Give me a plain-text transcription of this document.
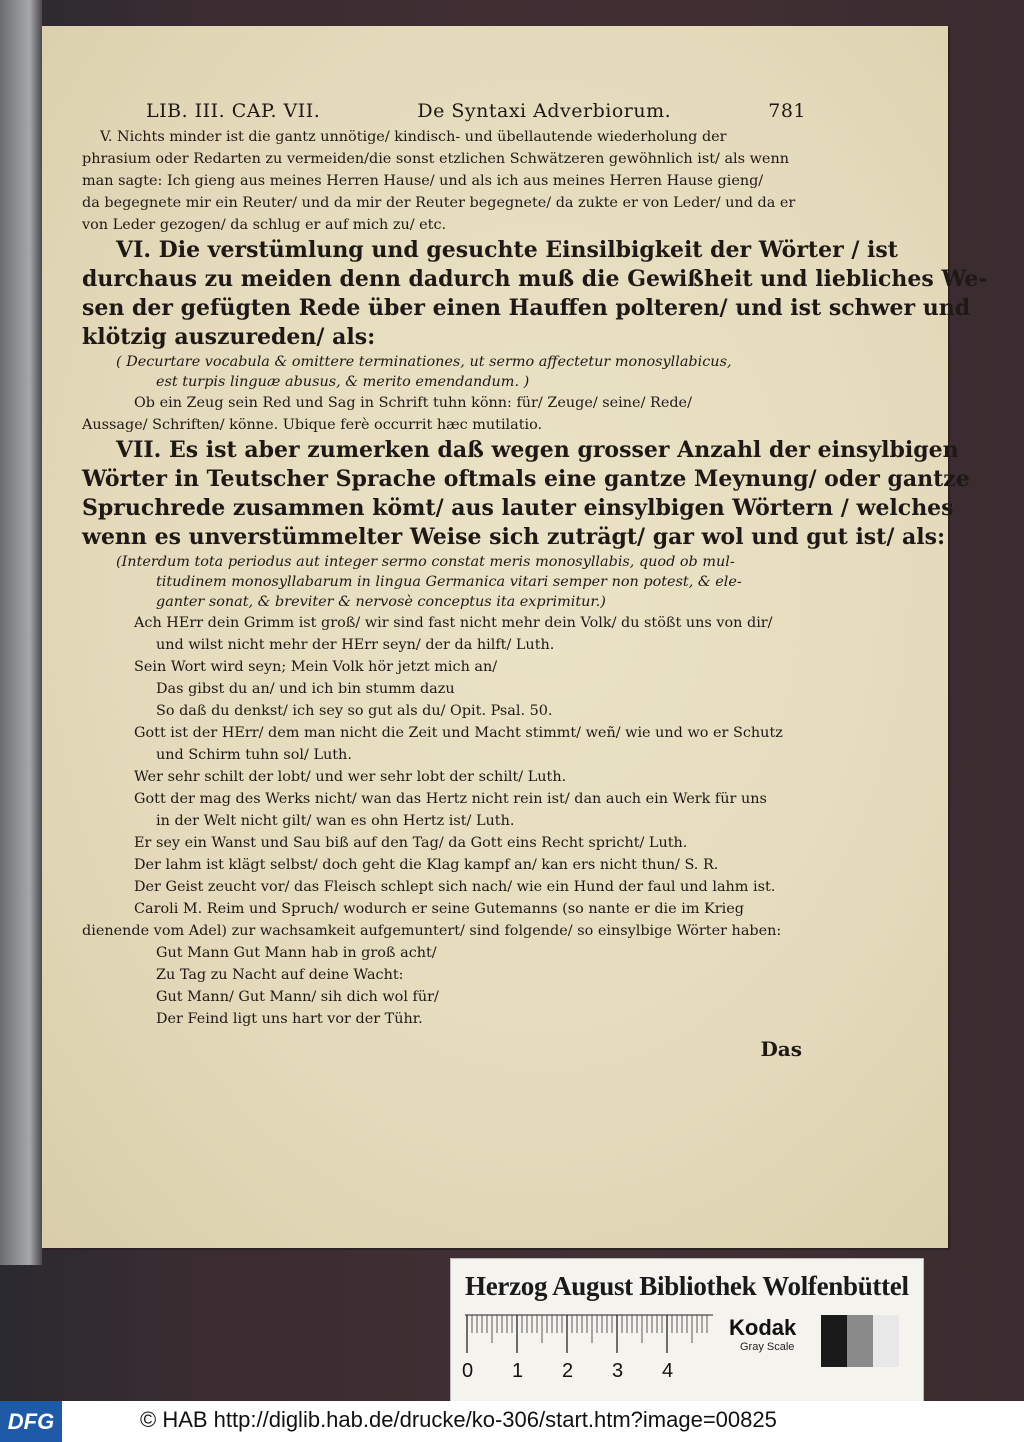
LIB. III. CAP. VII.	De Syntaxi Adverbiorum.	781
V. Nichts minder ist die gantz unnötige/ kindisch- und übellautende wiederholung der
phrasium oder Redarten zu vermeiden/die sonst etzlichen Schwätzeren gewöhnlich ist/ als wenn
man sagte: Ich gieng aus meines Herren Hause/ und als ich aus meines Herren Hause gieng/
da begegnete mir ein Reuter/ und da mir der Reuter begegnete/ da zukte er von Leder/ und da er
von Leder gezogen/ da schlug er auf mich zu/ etc.
VI. Die verstümlung und gesuchte Einsilbigkeit der Wörter / ist
durchaus zu meiden denn dadurch muß die Gewißheit und liebliches We-
sen der gefügten Rede über einen Hauffen polteren/ und ist schwer und
klötzig auszureden/ als:
( Decurtare vocabula & omittere terminationes, ut sermo affectetur monosyllabicus,
est turpis linguæ abusus, & merito emendandum. )
Ob ein Zeug sein Red und Sag in Schrift tuhn könn: für/ Zeuge/ seine/ Rede/
Aussage/ Schriften/ könne. Ubique ferè occurrit hæc mutilatio.
VII. Es ist aber zumerken daß wegen grosser Anzahl der einsylbigen
Wörter in Teutscher Sprache oftmals eine gantze Meynung/ oder gantze
Spruchrede zusammen kömt/ aus lauter einsylbigen Wörtern / welches
wenn es unverstümmelter Weise sich zuträgt/ gar wol und gut ist/ als:
(Interdum tota periodus aut integer sermo constat meris monosyllabis, quod ob mul-
titudinem monosyllabarum in lingua Germanica vitari semper non potest, & ele-
ganter sonat, & breviter & nervosè conceptus ita exprimitur.)
Ach HErr dein Grimm ist groß/ wir sind fast nicht mehr dein Volk/ du stößt uns von dir/
und wilst nicht mehr der HErr seyn/ der da hilft/ Luth.
Sein Wort wird seyn; Mein Volk hör jetzt mich an/
Das gibst du an/ und ich bin stumm dazu
So daß du denkst/ ich sey so gut als du/ Opit. Psal. 50.
Gott ist der HErr/ dem man nicht die Zeit und Macht stimmt/ weñ/ wie und wo er Schutz
und Schirm tuhn sol/ Luth.
Wer sehr schilt der lobt/ und wer sehr lobt der schilt/ Luth.
Gott der mag des Werks nicht/ wan das Hertz nicht rein ist/ dan auch ein Werk für uns
in der Welt nicht gilt/ wan es ohn Hertz ist/ Luth.
Er sey ein Wanst und Sau biß auf den Tag/ da Gott eins Recht spricht/ Luth.
Der lahm ist klägt selbst/ doch geht die Klag kampf an/ kan ers nicht thun/ S. R.
Der Geist zeucht vor/ das Fleisch schlept sich nach/ wie ein Hund der faul und lahm ist.
Caroli M. Reim und Spruch/ wodurch er seine Gutemanns (so nante er die im Krieg
dienende vom Adel) zur wachsamkeit aufgemuntert/ sind folgende/ so einsylbige Wörter haben:
Gut Mann Gut Mann hab in groß acht/
Zu Tag zu Nacht auf deine Wacht:
Gut Mann/ Gut Mann/ sih dich wol für/
Der Feind ligt uns hart vor der Tühr.
Das
Herzog August Bibliothek Wolfenbüttel
0 1 2 3 4
Kodak
Gray Scale
DFG	© HAB http://diglib.hab.de/drucke/ko-306/start.htm?image=00825
